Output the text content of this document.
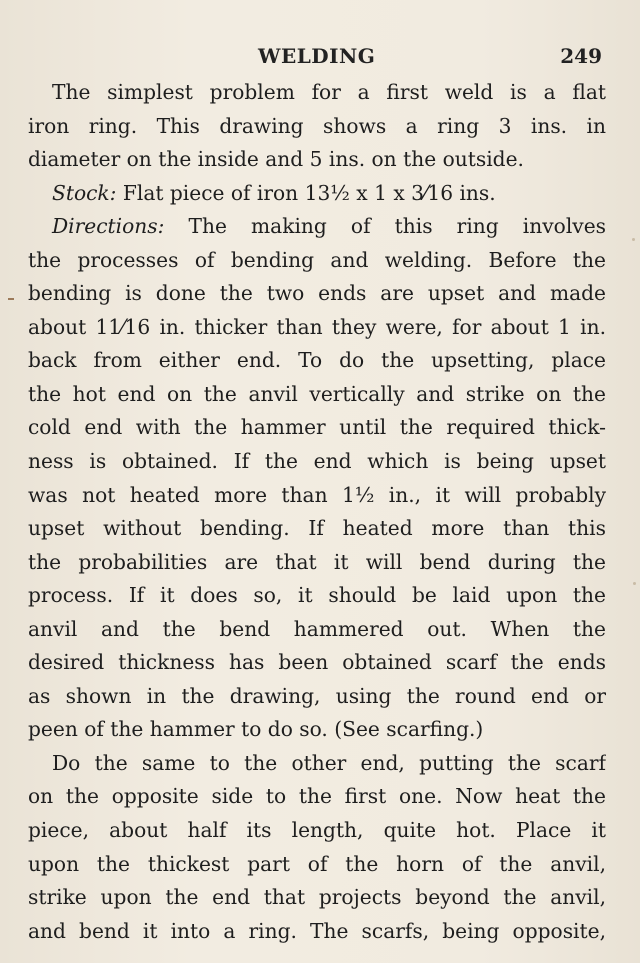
WELDING	249
The simplest problem for a first weld is a flat
iron ring. This drawing shows a ring 3 ins. in
diameter on the inside and 5 ins. on the outside.
Stock: Flat piece of iron 13½ x 1 x 3⁄16 ins.
Directions: The making of this ring involves
the processes of bending and welding. Before the
bending is done the two ends are upset and made
about 11⁄16 in. thicker than they were, for about 1 in.
back from either end. To do the upsetting, place
the hot end on the anvil vertically and strike on the
cold end with the hammer until the required thick-
ness is obtained. If the end which is being upset
was not heated more than 1½ in., it will probably
upset without bending. If heated more than this
the probabilities are that it will bend during the
process. If it does so, it should be laid upon the
anvil and the bend hammered out. When the
desired thickness has been obtained scarf the ends
as shown in the drawing, using the round end or
peen of the hammer to do so. (See scarfing.)
Do the same to the other end, putting the scarf
on the opposite side to the first one. Now heat the
piece, about half its length, quite hot. Place it
upon the thickest part of the horn of the anvil,
strike upon the end that projects beyond the anvil,
and bend it into a ring. The scarfs, being opposite,
